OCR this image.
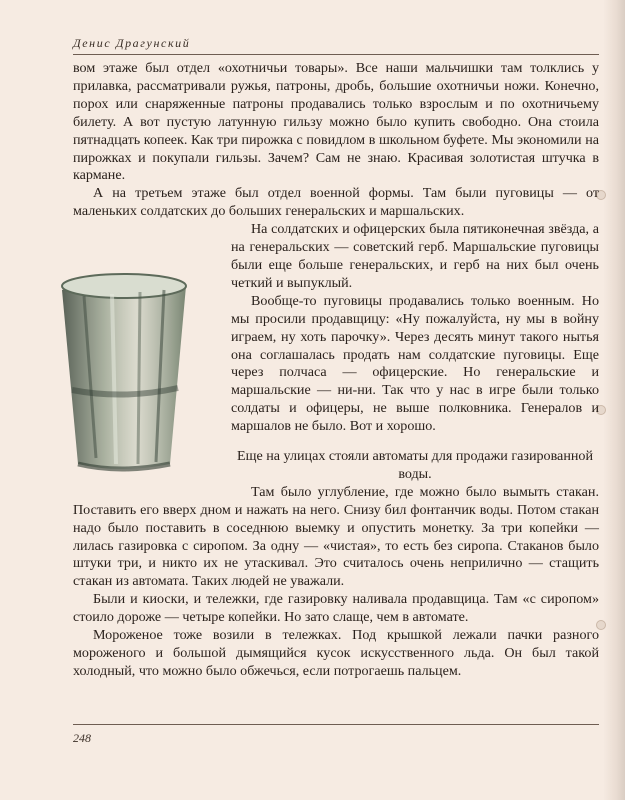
Денис Драгунский

вом этаже был отдел «охотничьи товары». Все наши мальчишки там толклись у прилавка, рассматривали ружья, патроны, дробь, большие охотничьи ножи. Конечно, порох или снаряженные патроны продавались только взрослым и по охотничьему билету. А вот пустую латунную гильзу можно было купить свободно. Она стоила пятнадцать копеек. Как три пирожка с повидлом в школьном буфете. Мы экономили на пирожках и покупали гильзы. Зачем? Сам не знаю. Красивая золотистая штучка в кармане.

А на третьем этаже был отдел военной формы. Там были пуговицы — от маленьких солдатских до больших генеральских и маршальских.

На солдатских и офицерских была пятиконечная звёзда, а на генеральских — советский герб. Маршальские пуговицы были еще больше генеральских, и герб на них был очень четкий и выпуклый.

Вообще-то пуговицы продавались только военным. Но мы просили продавщицу: «Ну пожалуйста, ну мы в войну играем, ну хоть парочку». Через десять минут такого нытья она соглашалась продать нам солдатские пуговицы. Еще через полчаса — офицерские. Но генеральские и маршальские — ни-ни. Так что у нас в игре были только солдаты и офицеры, не выше полковника. Генералов и маршалов не было. Вот и хорошо.

Еще на улицах стояли автоматы для продажи газированной воды.

Там было углубление, где можно было вымыть стакан. Поставить его вверх дном и нажать на него. Снизу бил фонтанчик воды. Потом стакан надо было поставить в соседнюю выемку и опустить монетку. За три копейки — лилась газировка с сиропом. За одну — «чистая», то есть без сиропа. Стаканов было штуки три, и никто их не утаскивал. Это считалось очень неприлично — стащить стакан из автомата. Таких людей не уважали.

Были и киоски, и тележки, где газировку наливала продавщица. Там «с сиропом» стоило дороже — четыре копейки. Но зато слаще, чем в автомате.

Мороженое тоже возили в тележках. Под крышкой лежали пачки разного мороженого и большой дымящийся кусок искусственного льда. Он был такой холодный, что можно было обжечься, если потрогаешь пальцем.

248
